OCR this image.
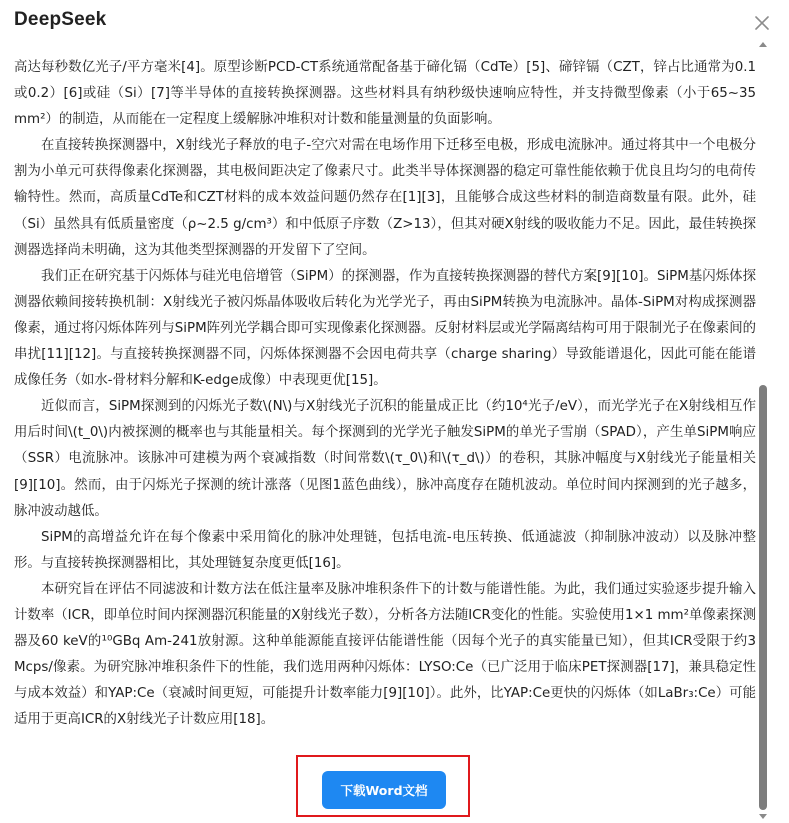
DeepSeek

高达每秒数亿光子/平方毫米[4]。原型诊断PCD-CT系统通常配备基于碲化镉（CdTe）[5]、碲锌镉（CZT，锌占比通常为0.1或0.2）[6]或硅（Si）[7]等半导体的直接转换探测器。这些材料具有纳秒级快速响应特性，并支持微型像素（小于65~35 mm²）的制造，从而能在一定程度上缓解脉冲堆积对计数和能量测量的负面影响。

在直接转换探测器中，X射线光子释放的电子-空穴对需在电场作用下迁移至电极，形成电流脉冲。通过将其中一个电极分割为小单元可获得像素化探测器，其电极间距决定了像素尺寸。此类半导体探测器的稳定可靠性能依赖于优良且均匀的电荷传输特性。然而，高质量CdTe和CZT材料的成本效益问题仍然存在[1][3]，且能够合成这些材料的制造商数量有限。此外，硅（Si）虽然具有低质量密度（ρ~2.5 g/cm³）和中低原子序数（Z>13），但其对硬X射线的吸收能力不足。因此，最佳转换探测器选择尚未明确，这为其他类型探测器的开发留下了空间。

我们正在研究基于闪烁体与硅光电倍增管（SiPM）的探测器，作为直接转换探测器的替代方案[9][10]。SiPM基闪烁体探测器依赖间接转换机制：X射线光子被闪烁晶体吸收后转化为光学光子，再由SiPM转换为电流脉冲。晶体-SiPM对构成探测器像素，通过将闪烁体阵列与SiPM阵列光学耦合即可实现像素化探测器。反射材料层或光学隔离结构可用于限制光子在像素间的串扰[11][12]。与直接转换探测器不同，闪烁体探测器不会因电荷共享（charge sharing）导致能谱退化，因此可能在能谱成像任务（如水-骨材料分解和K-edge成像）中表现更优[15]。

近似而言，SiPM探测到的闪烁光子数\(N\)与X射线光子沉积的能量成正比（约10⁴光子/eV），而光学光子在X射线相互作用后时间\(t_0\)内被探测的概率也与其能量相关。每个探测到的光学光子触发SiPM的单光子雪崩（SPAD），产生单SiPM响应（SSR）电流脉冲。该脉冲可建模为两个衰减指数（时间常数\(τ_0\)和\(τ_d\)）的卷积，其脉冲幅度与X射线光子能量相关[9][10]。然而，由于闪烁光子探测的统计涨落（见图1蓝色曲线），脉冲高度存在随机波动。单位时间内探测到的光子越多，脉冲波动越低。

SiPM的高增益允许在每个像素中采用简化的脉冲处理链，包括电流-电压转换、低通滤波（抑制脉冲波动）以及脉冲整形。与直接转换探测器相比，其处理链复杂度更低[16]。

本研究旨在评估不同滤波和计数方法在低注量率及脉冲堆积条件下的计数与能谱性能。为此，我们通过实验逐步提升输入计数率（ICR，即单位时间内探测器沉积能量的X射线光子数），分析各方法随ICR变化的性能。实验使用1×1 mm²单像素探测器及60 keV的¹⁰GBq Am-241放射源。这种单能源能直接评估能谱性能（因每个光子的真实能量已知），但其ICR受限于约3 Mcps/像素。为研究脉冲堆积条件下的性能，我们选用两种闪烁体：LYSO:Ce（已广泛用于临床PET探测器[17]，兼具稳定性与成本效益）和YAP:Ce（衰减时间更短，可能提升计数率能力[9][10]）。此外，比YAP:Ce更快的闪烁体（如LaBr₃:Ce）可能适用于更高ICR的X射线光子计数应用[18]。

下载Word文档
